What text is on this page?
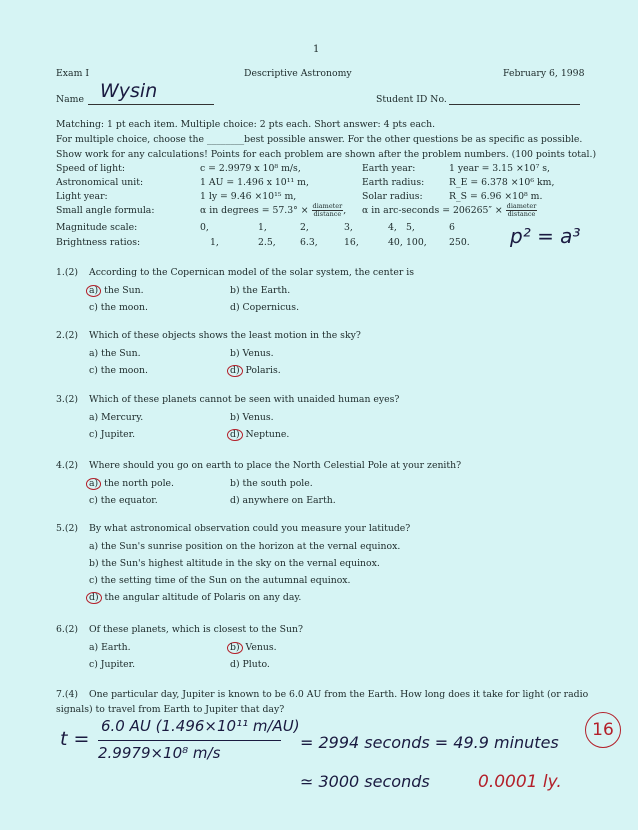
1
Exam I	Descriptive Astronomy	February 6, 1998
Name Wysin	Student ID No.
Matching: 1 pt each item. Multiple choice: 2 pts each. Short answer: 4 pts each.
For multiple choice, choose the ________best possible answer. For the other questions be as specific as possible.
Show work for any calculations! Points for each problem are shown after the problem numbers. (100 points total.)
Speed of light:	c = 2.9979 x 10⁸ m/s,	Earth year:	1 year = 3.15 ×10⁷ s,
Astronomical unit:	1 AU = 1.496 x 10¹¹ m,	Earth radius:	R_E = 6.378 ×10⁶ km,
Light year:	1 ly = 9.46 ×10¹⁵ m,	Solar radius:	R_S = 6.96 ×10⁸ m.
Small angle formula:	α in degrees = $57.3^\circ \times \frac{\text{diameter}}{\text{distance}}$ , α in arc-seconds = $206265'' \times \frac{\text{diameter}}{\text{distance}}$
Magnitude scale:	0,	1,	2,	3,	4, 5,	6
Brightness ratios:	1,	2.5,	6.3,	16,	40, 100, 250. p² = a³
1.(2) According to the Copernican model of the solar system, the center is
a) the Sun.	b) the Earth.
c) the moon.	d) Copernicus.
2.(2) Which of these objects shows the least motion in the sky?
a) the Sun.	b) Venus.
c) the moon.	d) Polaris.
3.(2) Which of these planets cannot be seen with unaided human eyes?
a) Mercury.	b) Venus.
c) Jupiter.	d) Neptune.
4.(2) Where should you go on earth to place the North Celestial Pole at your zenith?
a) the north pole.	b) the south pole.
c) the equator.	d) anywhere on Earth.
5.(2) By what astronomical observation could you measure your latitude?
a) the Sun's sunrise position on the horizon at the vernal equinox.
b) the Sun's highest altitude in the sky on the vernal equinox.
c) the setting time of the Sun on the autumnal equinox.
d) the angular altitude of Polaris on any day.
6.(2) Of these planets, which is closest to the Sun?
a) Earth.	b) Venus.
c) Jupiter.	d) Pluto.
7.(4) One particular day, Jupiter is known to be 6.0 AU from the Earth. How long does it take for light (or radio
signals) to travel from Earth to Jupiter that day?
t =
6.0 AU (1.496×10¹¹ m/AU)
2.9979×10⁸ m/s
= 2994 seconds = 49.9 minutes
≃ 3000 seconds	0.0001 ly.
16
